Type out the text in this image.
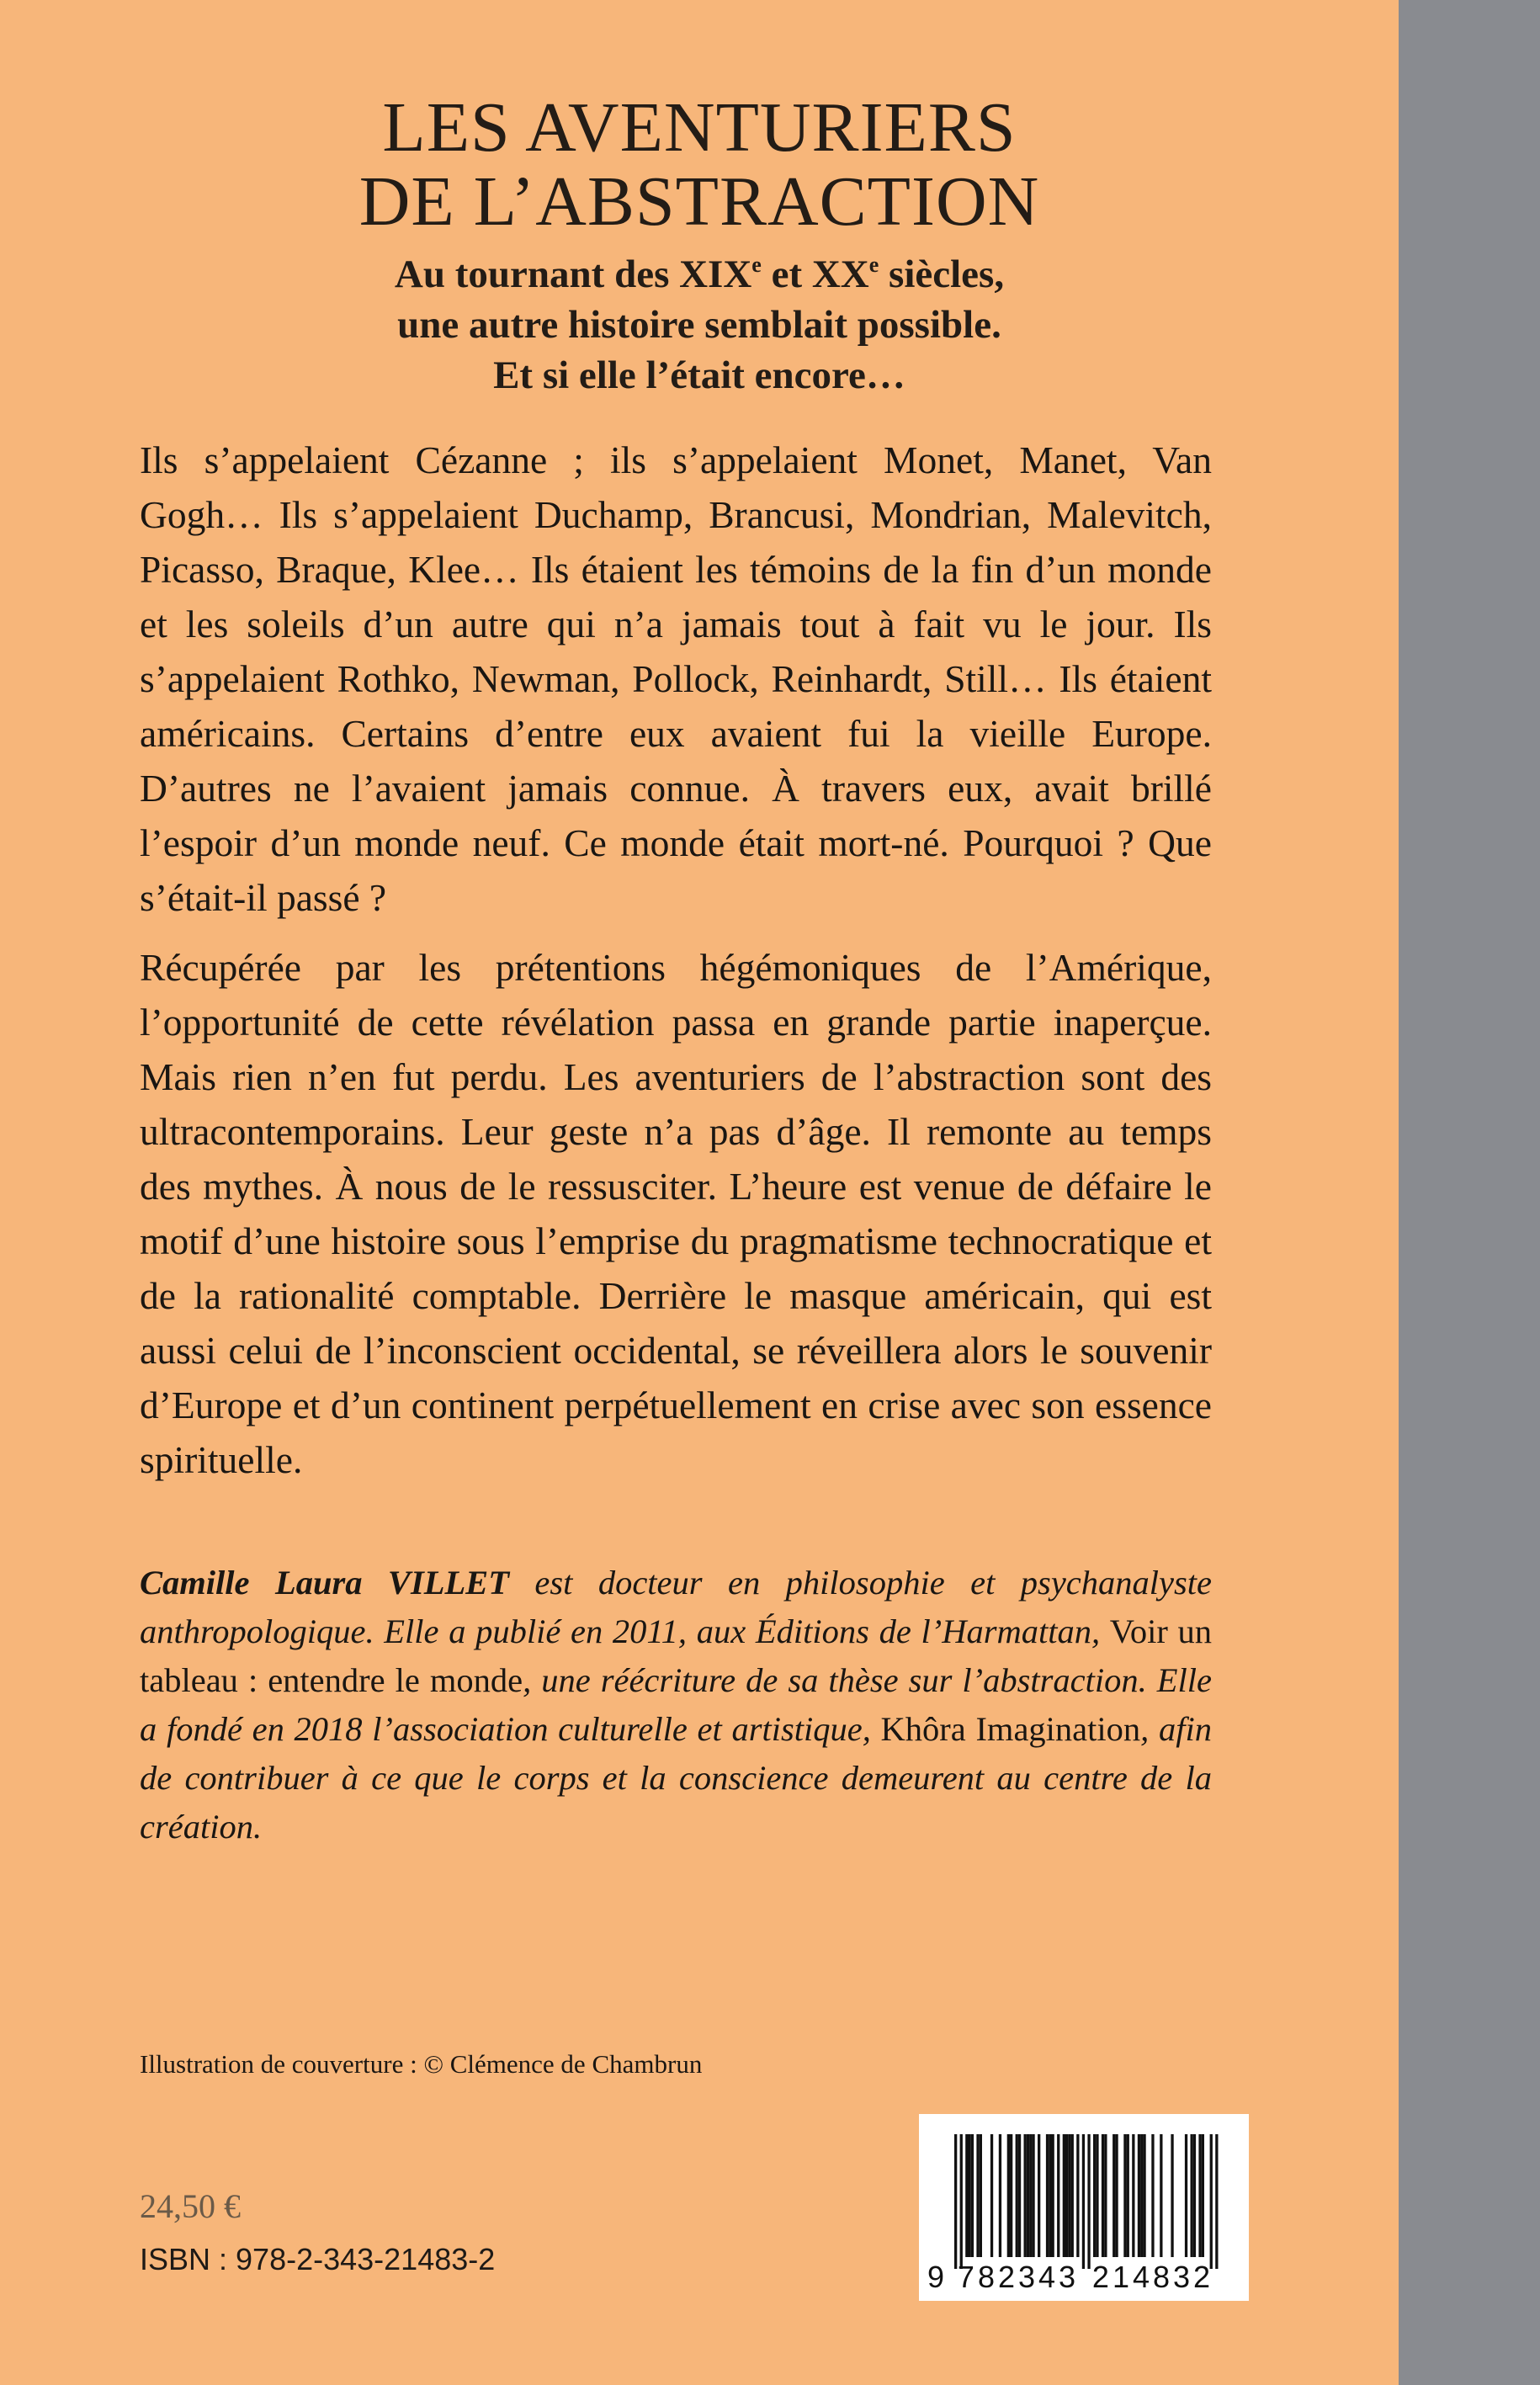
LES AVENTURIERS
DE L’ABSTRACTION
Au tournant des XIXe et XXe siècles,
une autre histoire semblait possible.
Et si elle l’était encore…

Ils s’appelaient Cézanne ; ils s’appelaient Monet, Manet, Van Gogh… Ils s’appelaient Duchamp, Brancusi, Mondrian, Malevitch, Picasso, Braque, Klee… Ils étaient les témoins de la fin d’un monde et les soleils d’un autre qui n’a jamais tout à fait vu le jour. Ils s’appelaient Rothko, Newman, Pollock, Reinhardt, Still… Ils étaient américains. Certains d’entre eux avaient fui la vieille Europe. D’autres ne l’avaient jamais connue. À travers eux, avait brillé l’espoir d’un monde neuf. Ce monde était mort-né. Pourquoi ? Que s’était-il passé ?

Récupérée par les prétentions hégémoniques de l’Amérique, l’opportunité de cette révélation passa en grande partie inaperçue. Mais rien n’en fut perdu. Les aventuriers de l’abstraction sont des ultracontemporains. Leur geste n’a pas d’âge. Il remonte au temps des mythes. À nous de le ressusciter. L’heure est venue de défaire le motif d’une histoire sous l’emprise du pragmatisme technocratique et de la rationalité comptable. Derrière le masque américain, qui est aussi celui de l’inconscient occidental, se réveillera alors le souvenir d’Europe et d’un continent perpétuellement en crise avec son essence spirituelle.

Camille Laura VILLET est docteur en philosophie et psychanalyste anthropologique. Elle a publié en 2011, aux Éditions de l’Harmattan, Voir un tableau : entendre le monde, une réécriture de sa thèse sur l’abstraction. Elle a fondé en 2018 l’association culturelle et artistique, Khôra Imagination, afin de contribuer à ce que le corps et la conscience demeurent au centre de la création.

Illustration de couverture : © Clémence de Chambrun
24,50 €
ISBN : 978-2-343-21483-2
9 782343 214832
